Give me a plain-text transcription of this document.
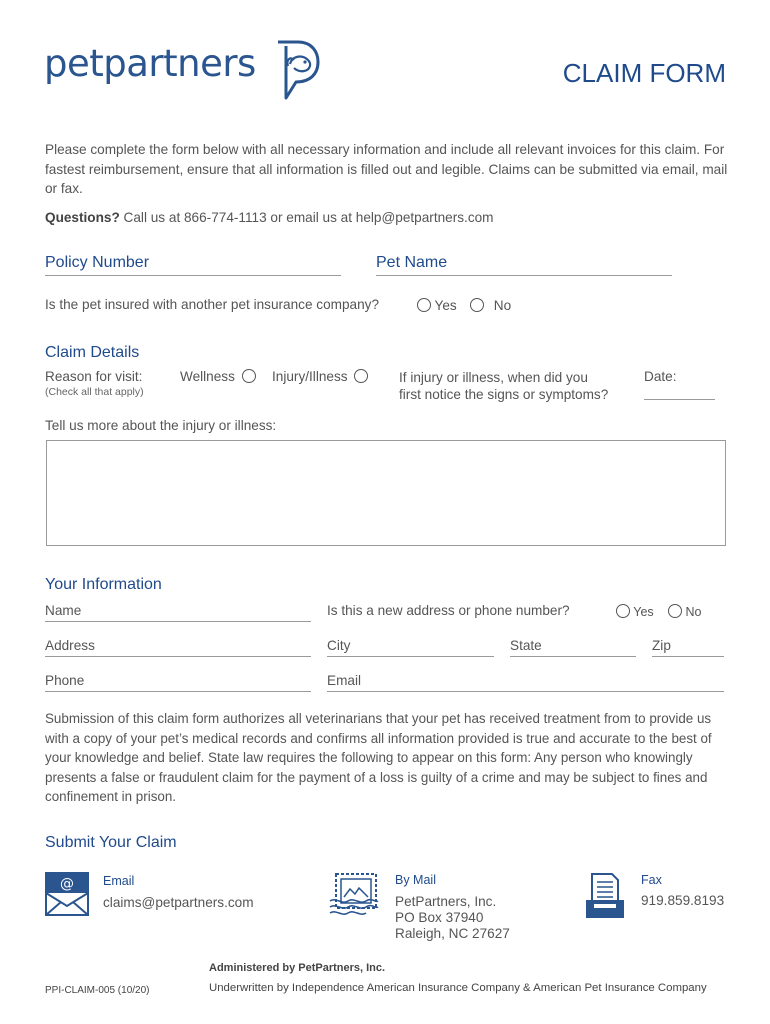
petpartners	CLAIM FORM
Please complete the form below with all necessary information and include all relevant invoices for this claim. For fastest reimbursement, ensure that all information is filled out and legible. Claims can be submitted via email, mail or fax.
Questions? Call us at 866-774-1113 or email us at help@petpartners.com
Policy Number	Pet Name
Is the pet insured with another pet insurance company?	Yes	No
Claim Details
Reason for visit:
(Check all that apply)
Wellness	Injury/Illness	If injury or illness, when did you
first notice the signs or symptoms?
Date:
Tell us more about the injury or illness:
Your Information
Name	Is this a new address or phone number?	Yes	No
Address	City	State	Zip
Phone	Email
Submission of this claim form authorizes all veterinarians that your pet has received treatment from to provide us with a copy of your pet’s medical records and confirms all information provided is true and accurate to the best of your knowledge and belief. State law requires the following to appear on this form: Any person who knowingly presents a false or fraudulent claim for the payment of a loss is guilty of a crime and may be subject to fines and confinement in prison.
Submit Your Claim
@ Email
claims@petpartners.com
By Mail
PetPartners, Inc.
PO Box 37940
Raleigh, NC 27627
Fax
919.859.8193
Administered by PetPartners, Inc.
PPI-CLAIM-005 (10/20)	Underwritten by Independence American Insurance Company & American Pet Insurance Company
